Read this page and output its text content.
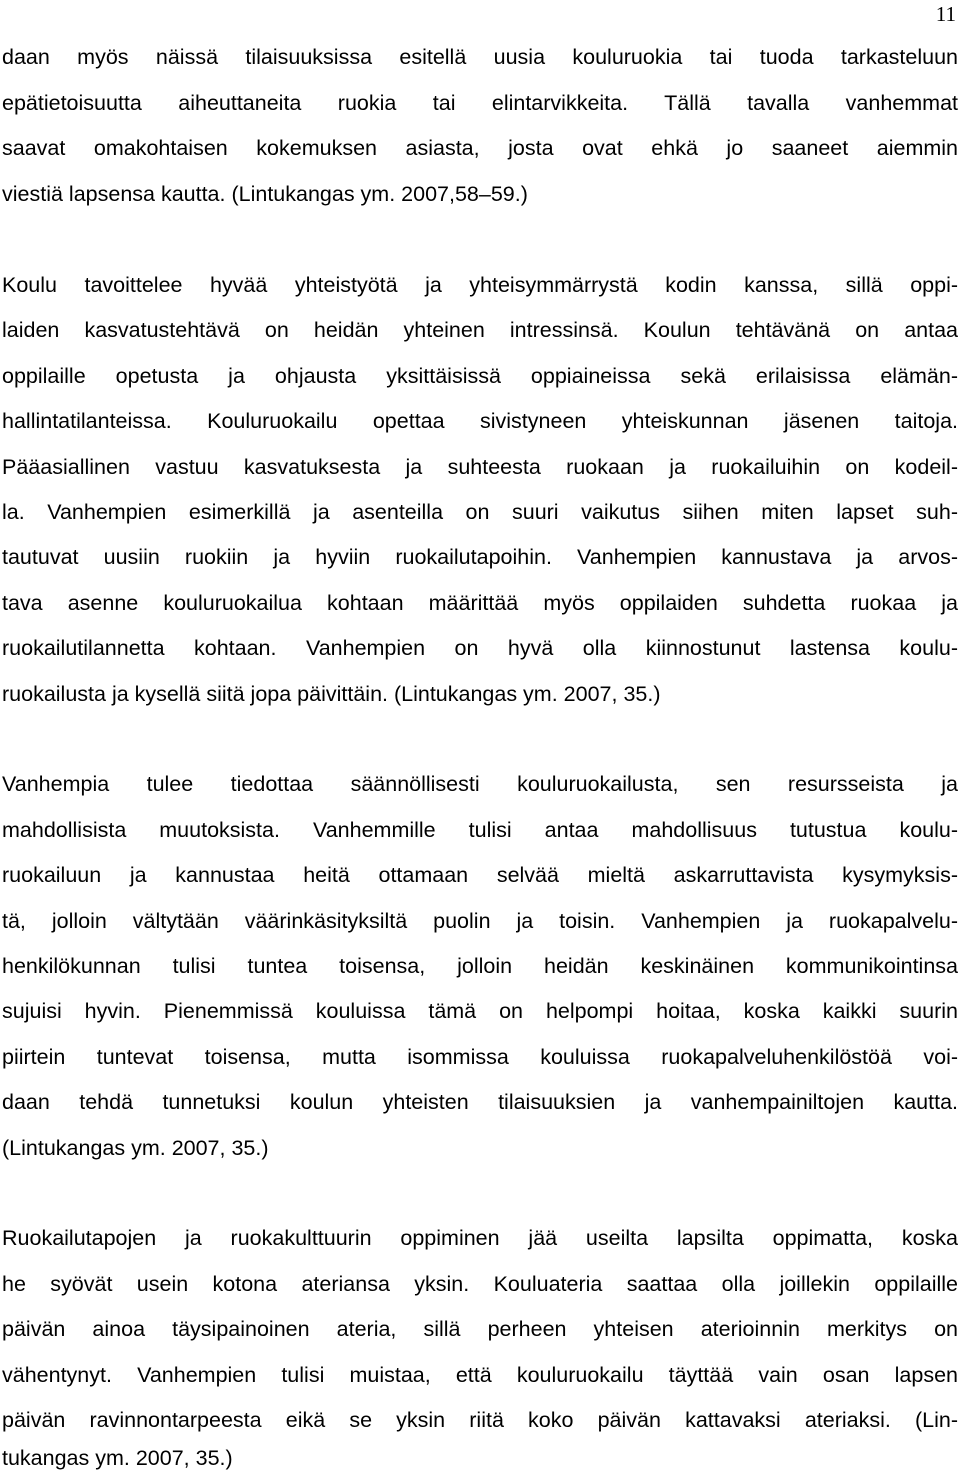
11
daan myös näissä tilaisuuksissa esitellä uusia kouluruokia tai tuoda tarkasteluun
epätietoisuutta aiheuttaneita ruokia tai elintarvikkeita. Tällä tavalla vanhemmat
saavat omakohtaisen kokemuksen asiasta, josta ovat ehkä jo saaneet aiemmin
viestiä lapsensa kautta. (Lintukangas ym. 2007,58–59.)
Koulu tavoittelee hyvää yhteistyötä ja yhteisymmärrystä kodin kanssa, sillä oppi-
laiden kasvatustehtävä on heidän yhteinen intressinsä. Koulun tehtävänä on antaa
oppilaille opetusta ja ohjausta yksittäisissä oppiaineissa sekä erilaisissa elämän-
hallintatilanteissa. Kouluruokailu opettaa sivistyneen yhteiskunnan jäsenen taitoja.
Pääasiallinen vastuu kasvatuksesta ja suhteesta ruokaan ja ruokailuihin on kodeil-
la. Vanhempien esimerkillä ja asenteilla on suuri vaikutus siihen miten lapset suh-
tautuvat uusiin ruokiin ja hyviin ruokailutapoihin. Vanhempien kannustava ja arvos-
tava asenne kouluruokailua kohtaan määrittää myös oppilaiden suhdetta ruokaa ja
ruokailutilannetta kohtaan. Vanhempien on hyvä olla kiinnostunut lastensa koulu-
ruokailusta ja kysellä siitä jopa päivittäin. (Lintukangas ym. 2007, 35.)
Vanhempia tulee tiedottaa säännöllisesti kouluruokailusta, sen resursseista ja
mahdollisista muutoksista. Vanhemmille tulisi antaa mahdollisuus tutustua koulu-
ruokailuun ja kannustaa heitä ottamaan selvää mieltä askarruttavista kysymyksis-
tä, jolloin vältytään väärinkäsityksiltä puolin ja toisin. Vanhempien ja ruokapalvelu-
henkilökunnan tulisi tuntea toisensa, jolloin heidän keskinäinen kommunikointinsa
sujuisi hyvin. Pienemmissä kouluissa tämä on helpompi hoitaa, koska kaikki suurin
piirtein tuntevat toisensa, mutta isommissa kouluissa ruokapalveluhenkilöstöä voi-
daan tehdä tunnetuksi koulun yhteisten tilaisuuksien ja vanhempainiltojen kautta.
(Lintukangas ym. 2007, 35.)
Ruokailutapojen ja ruokakulttuurin oppiminen jää useilta lapsilta oppimatta, koska
he syövät usein kotona ateriansa yksin. Kouluateria saattaa olla joillekin oppilaille
päivän ainoa täysipainoinen ateria, sillä perheen yhteisen aterioinnin merkitys on
vähentynyt. Vanhempien tulisi muistaa, että kouluruokailu täyttää vain osan lapsen
päivän ravinnontarpeesta eikä se yksin riitä koko päivän kattavaksi ateriaksi. (Lin-
tukangas ym. 2007, 35.)
